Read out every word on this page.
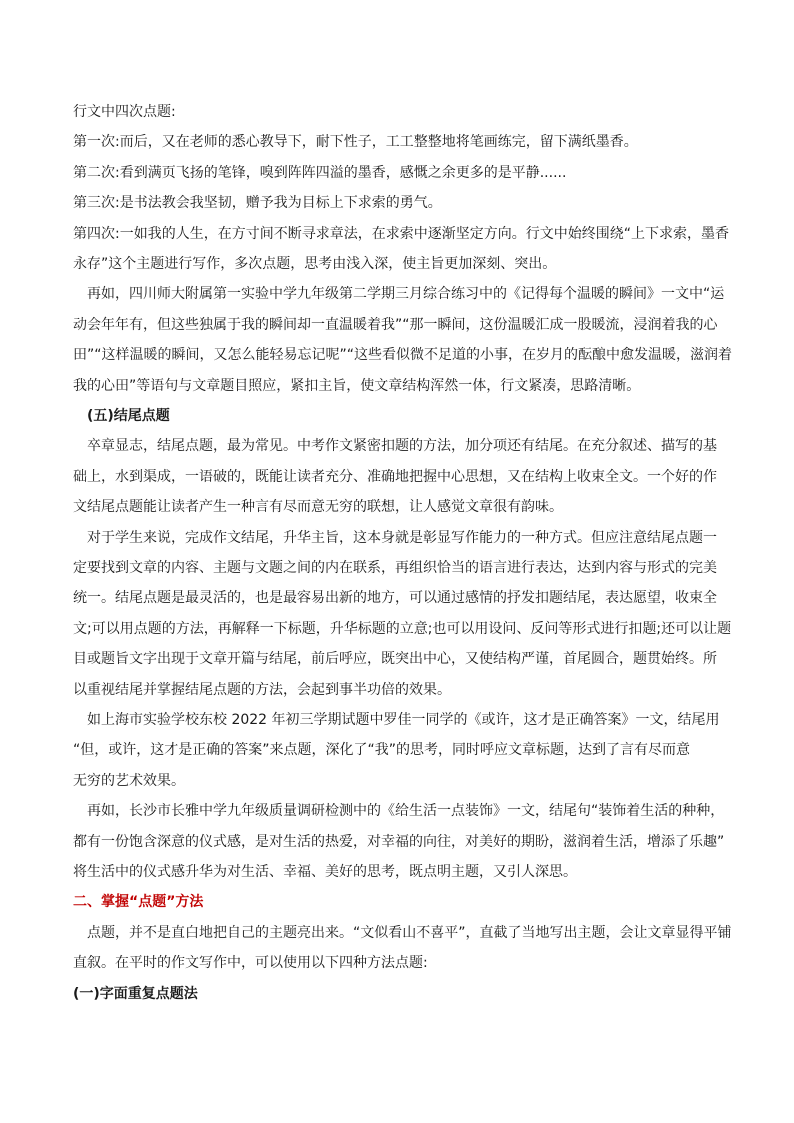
行文中四次点题:

第一次:而后，又在老师的悉心教导下，耐下性子，工工整整地将笔画练完，留下满纸墨香。
第二次:看到满页飞扬的笔锋，嗅到阵阵四溢的墨香，感慨之余更多的是平静......
第三次:是书法教会我坚韧，赠予我为目标上下求索的勇气。

第四次:一如我的人生，在方寸间不断寻求章法，在求索中逐渐坚定方向。行文中始终围绕“上下求索，墨香
永存”这个主题进行写作，多次点题，思考由浅入深，使主旨更加深刻、突出。

　再如，四川师大附属第一实验中学九年级第二学期三月综合练习中的《记得每个温暖的瞬间》一文中“运
动会年年有，但这些独属于我的瞬间却一直温暖着我”“那一瞬间，这份温暖汇成一股暖流，浸润着我的心
田”“这样温暖的瞬间，又怎么能轻易忘记呢”“这些看似微不足道的小事，在岁月的酝酿中愈发温暖，滋润着
我的心田”等语句与文章题目照应，紧扣主旨，使文章结构浑然一体，行文紧凑，思路清晰。

　(五)结尾点题

　卒章显志，结尾点题，最为常见。中考作文紧密扣题的方法，加分项还有结尾。在充分叙述、描写的基
础上，水到渠成，一语破的，既能让读者充分、准确地把握中心思想，又在结构上收束全文。一个好的作
文结尾点题能让读者产生一种言有尽而意无穷的联想，让人感觉文章很有韵味。

　对于学生来说，完成作文结尾，升华主旨，这本身就是彰显写作能力的一种方式。但应注意结尾点题一
定要找到文章的内容、主题与文题之间的内在联系，再组织恰当的语言进行表达，达到内容与形式的完美
统一。结尾点题是最灵活的，也是最容易出新的地方，可以通过感情的抒发扣题结尾，表达愿望，收束全
文;可以用点题的方法，再解释一下标题，升华标题的立意;也可以用设问、反问等形式进行扣题;还可以让题
目或题旨文字出现于文章开篇与结尾，前后呼应，既突出中心，又使结构严谨，首尾圆合，题贯始终。所
以重视结尾并掌握结尾点题的方法，会起到事半功倍的效果。

　如上海市实验学校东校 2022 年初三学期试题中罗佳一同学的《或许，这才是正确答案》一文，结尾用
“但，或许，这才是正确的答案”来点题，深化了“我”的思考，同时呼应文章标题，达到了言有尽而意
无穷的艺术效果。

　再如，长沙市长雅中学九年级质量调研检测中的《给生活一点装饰》一文，结尾句“装饰着生活的种种，
都有一份饱含深意的仪式感，是对生活的热爱，对幸福的向往，对美好的期盼，滋润着生活，增添了乐趣”
将生活中的仪式感升华为对生活、幸福、美好的思考，既点明主题，又引人深思。

二、掌握“点题”方法

　点题，并不是直白地把自己的主题亮出来。“文似看山不喜平”，直截了当地写出主题，会让文章显得平铺
直叙。在平时的作文写作中，可以使用以下四种方法点题:

(一)字面重复点题法
